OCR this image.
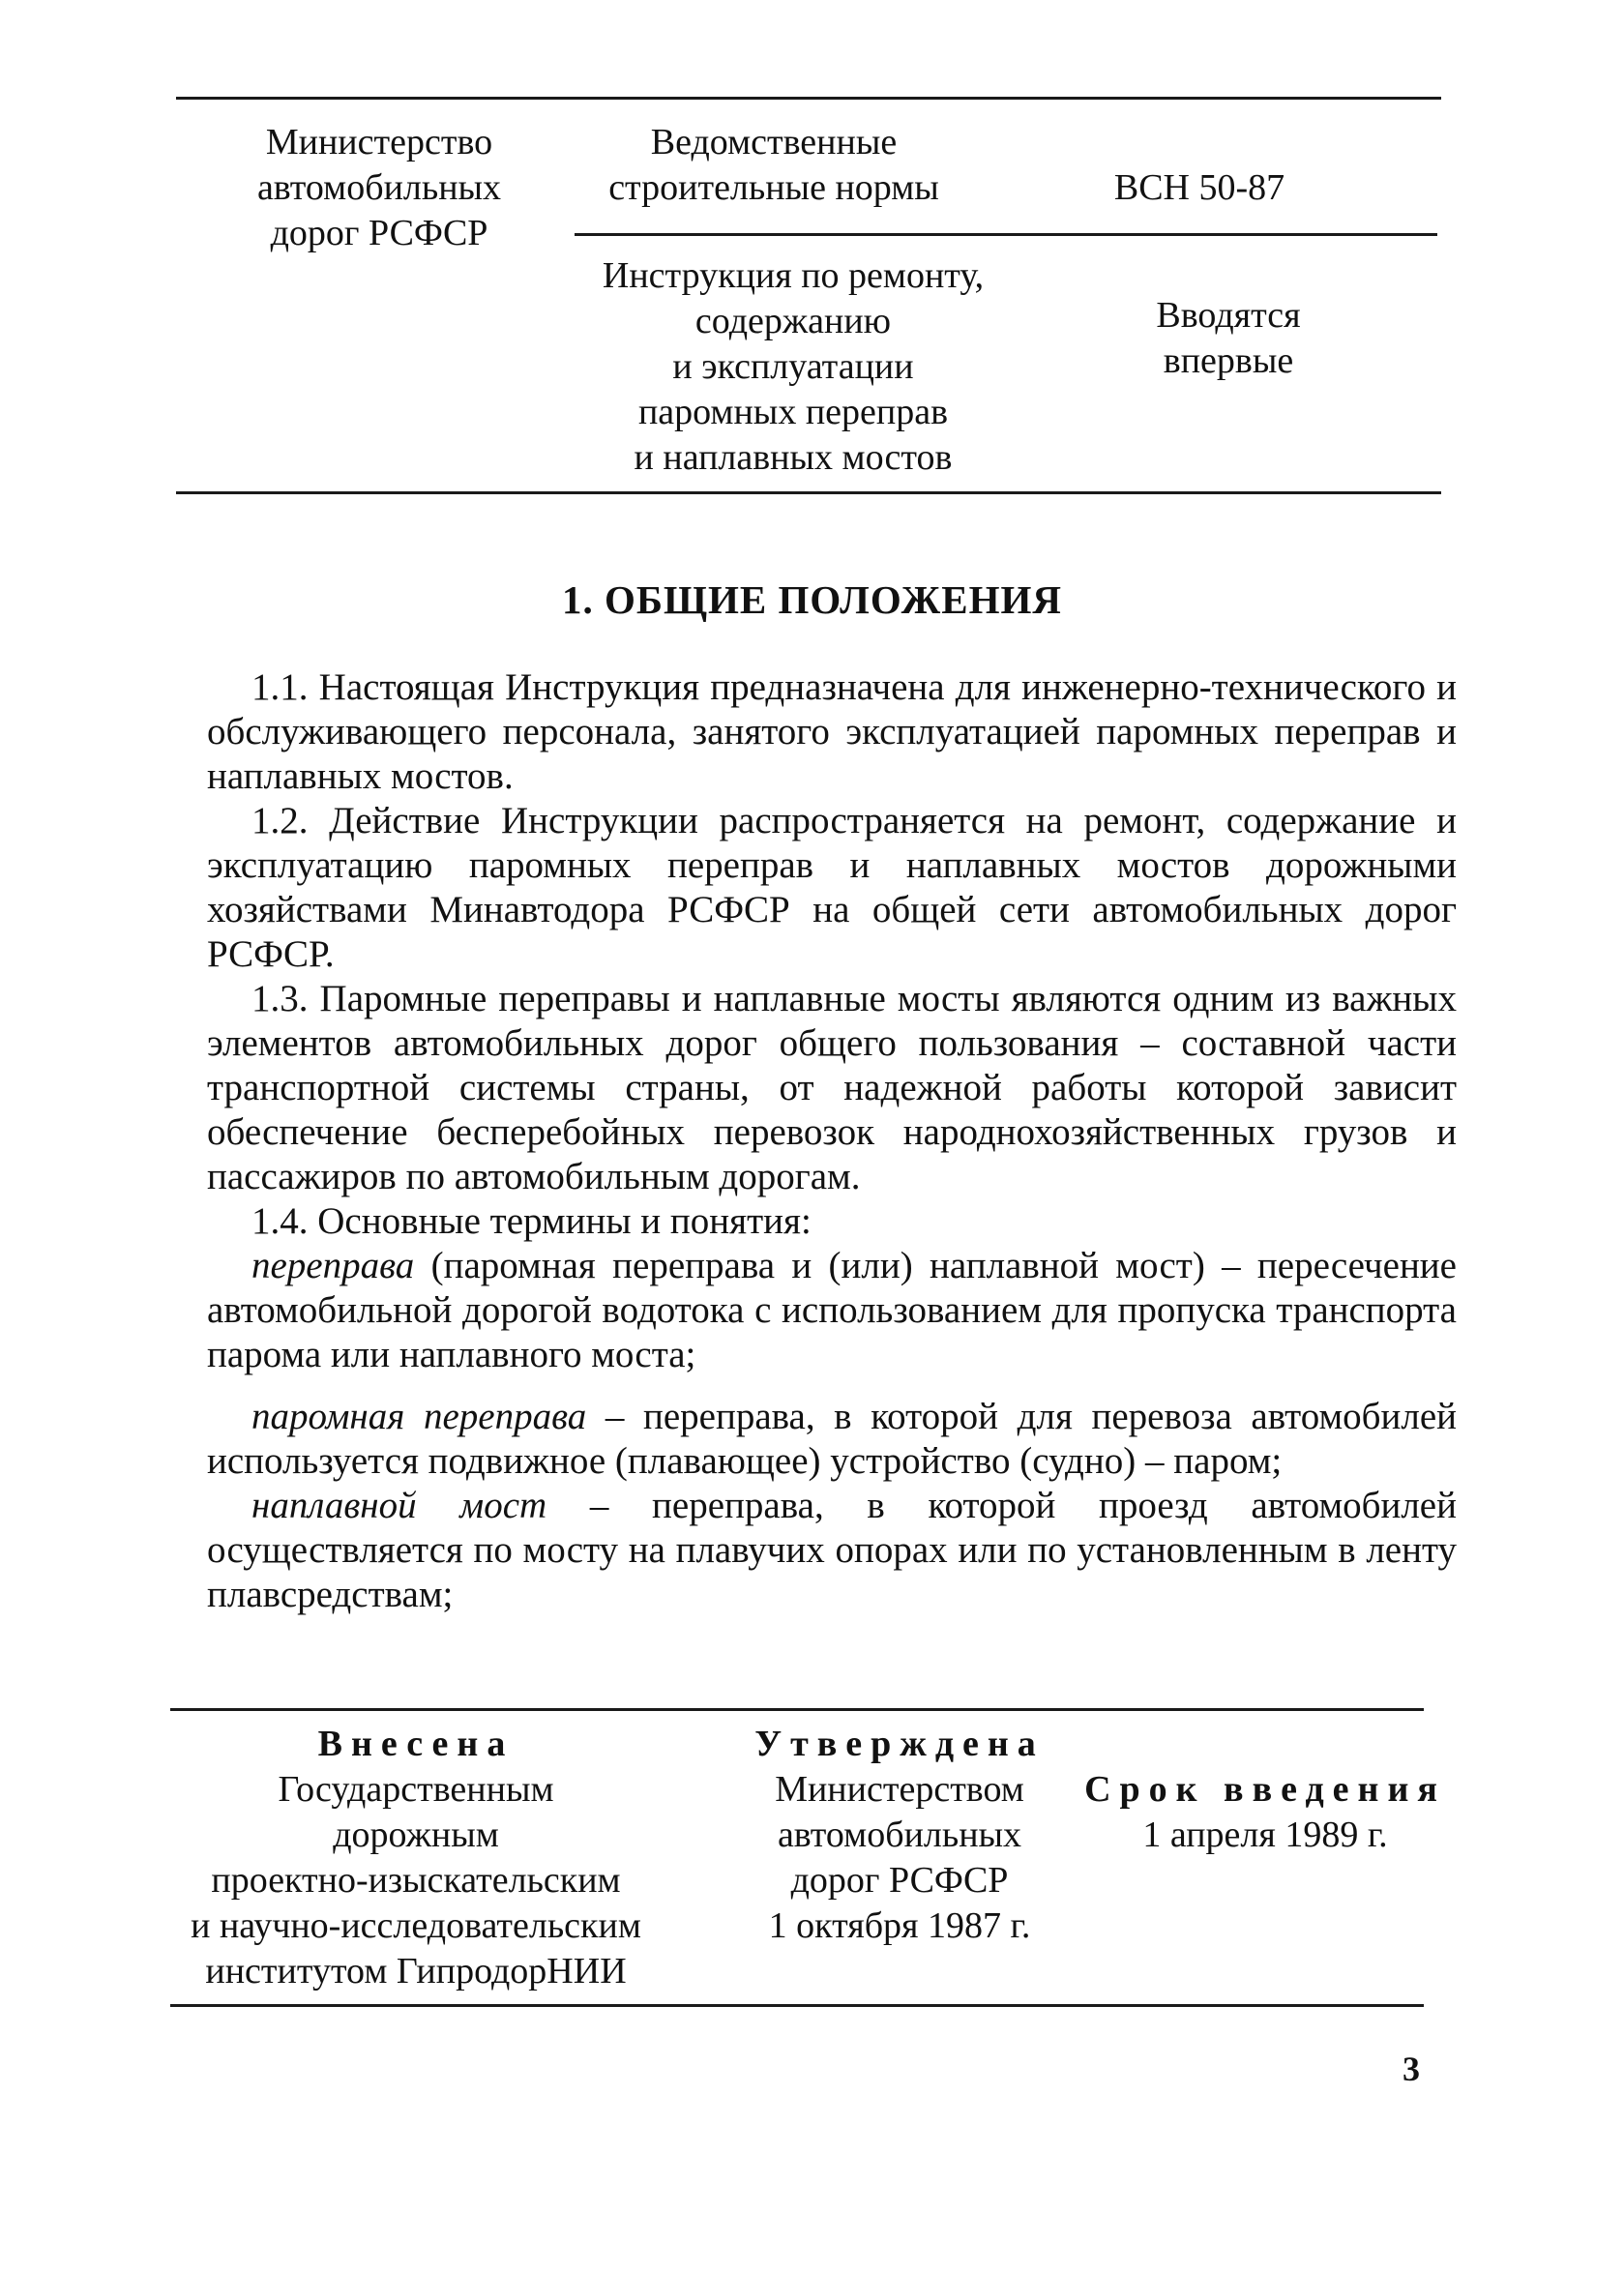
Министерство
автомобильных
дорог РСФСР
Ведомственные
строительные нормы	ВСН 50-87
Инструкция по ремонту,
содержанию
и эксплуатации
паромных переправ
и наплавных мостов
Вводятся
впервые
1. ОБЩИЕ ПОЛОЖЕНИЯ

1.1. Настоящая Инструкция предназначена для инженерно-технического и обслуживающего персонала, занятого эксплуатацией паромных переправ и наплавных мостов.

1.2. Действие Инструкции распространяется на ремонт, содержание и эксплуатацию паромных переправ и наплавных мостов дорожными хозяйствами Минавтодора РСФСР на общей сети автомобильных дорог РСФСР.

1.3. Паромные переправы и наплавные мосты являются одним из важных элементов автомобильных дорог общего пользования – составной части транспортной системы страны, от надежной работы которой зависит обеспечение бесперебойных перевозок народнохозяйственных грузов и пассажиров по автомобильным дорогам.

1.4. Основные термины и понятия:

переправа (паромная переправа и (или) наплавной мост) – пересечение автомобильной дорогой водотока с использованием для пропуска транспорта парома или наплавного моста;

паромная переправа – переправа, в которой для перевоза автомобилей используется подвижное (плавающее) устройство (судно) – паром;

наплавной мост – переправа, в которой проезд автомобилей осуществляется по мосту на плавучих опорах или по установленным в ленту плавсредствам;

Внесена
Государственным
дорожным
проектно-изыскательским
и научно-исследовательским
институтом ГипродорНИИ
Утверждена
Министерством
автомобильных
дорог РСФСР
1 октября 1987 г.
Срок введения
1 апреля 1989 г.
3
